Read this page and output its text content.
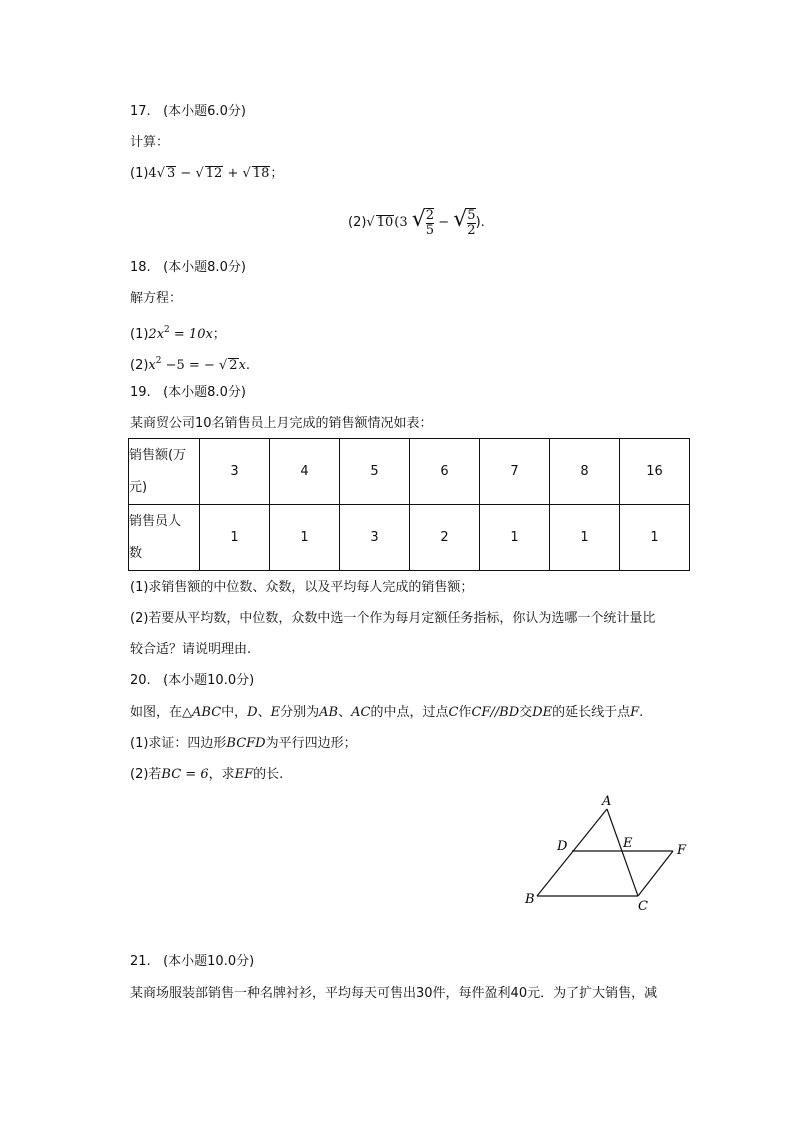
17. (本小题6.0分)
计算：
(1)4√ 3 − √ 12 + √ 18；
(2)√ 10(3 √ $\frac{2}{5}$ − √ $\frac{5}{2}$ ).
18. (本小题8.0分)
解方程：
$(1)2x^2 = 10x$；
$(2)x^2 -5$ = − √ 2x.
19. (本小题8.0分)
某商贸公司10名销售员上月完成的销售额情况如表：
销售额(万
元)	3	4	5	6	7	8	16

销售员人
数	1	1	3	2	1	1	1
(1)求销售额的中位数、众数，以及平均每人完成的销售额；
(2)若要从平均数，中位数，众数中选一个作为每月定额任务指标，你认为选哪一个统计量比
较合适？请说明理由.
20. (本小题10.0分)
如图，在△ABC中，D、E分别为AB、AC的中点，过点C作CF//BD交DE的延长线于点F.
(1)求证：四边形BCFD为平行四边形；
(2)若BC = 6，求EF的长.
A
D	E	F
B	C
21. (本小题10.0分)
某商场服装部销售一种名牌衬衫，平均每天可售出30件，每件盈利40元．为了扩大销售，减
